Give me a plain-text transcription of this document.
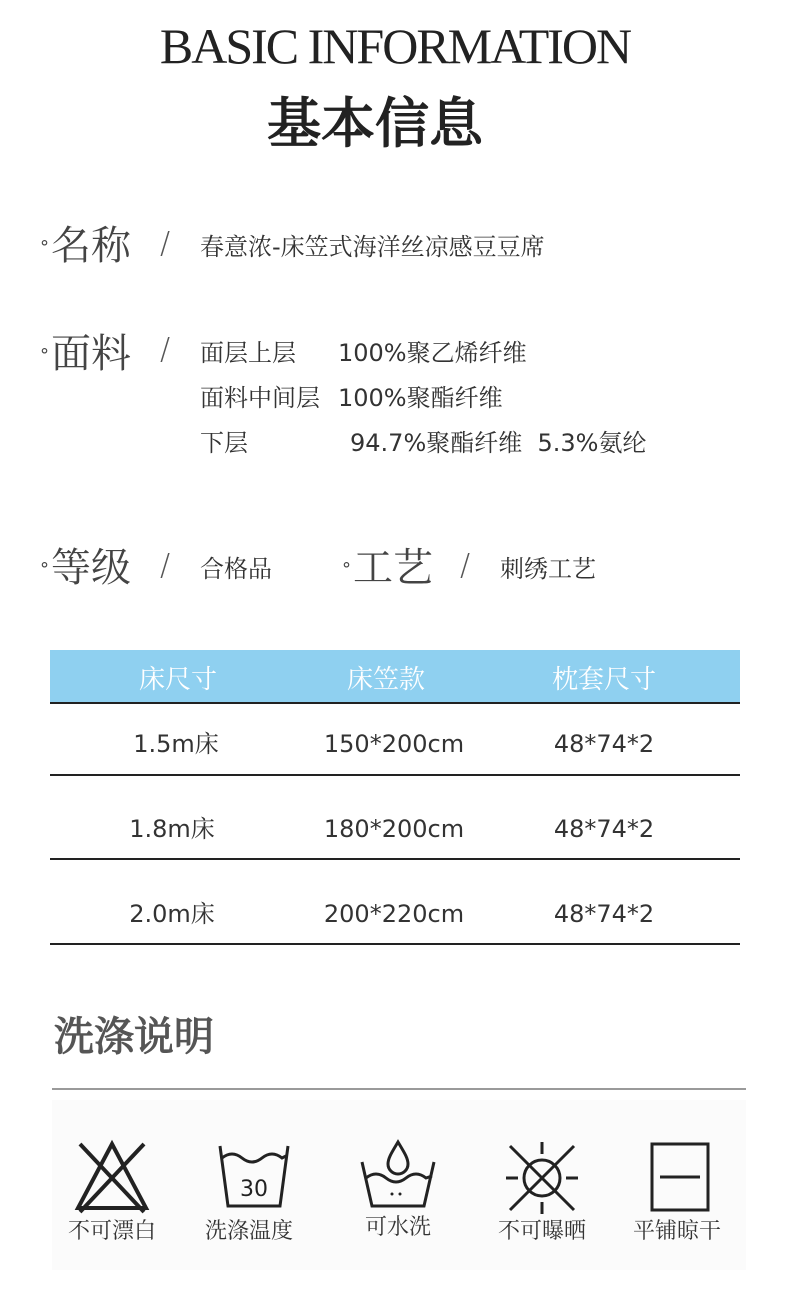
BASIC INFORMATION
基本信息
°名称 / 春意浓-床笠式海洋丝凉感豆豆席
°面料 / 面层上层 100%聚乙烯纤维
面料中间层 100%聚酯纤维
下层	94.7%聚酯纤维  5.3%氨纶
°等级 / 合格品	°工艺 / 刺绣工艺
床尺寸	床笠款	枕套尺寸
1.5m床	150*200cm	48*74*2
1.8m床	180*200cm	48*74*2
2.0m床	200*220cm	48*74*2
洗涤说明
不可漂白
30
洗涤温度	可水洗	不可曝晒	平铺晾干
